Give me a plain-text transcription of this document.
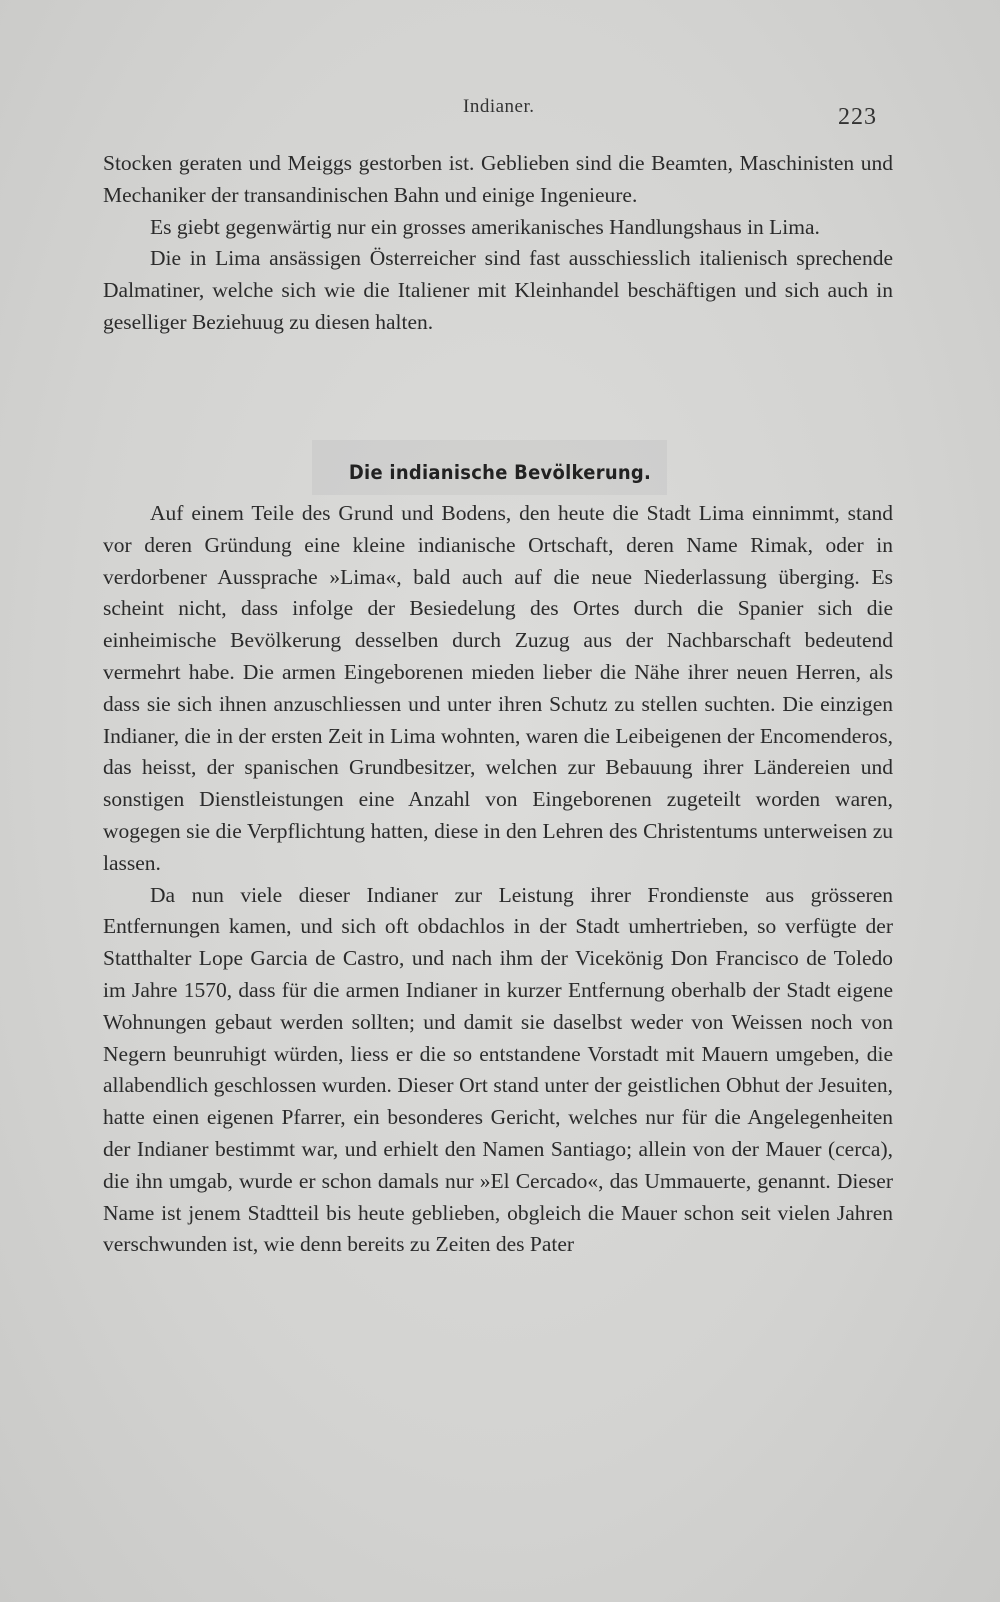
Indianer.	223

Stocken geraten und Meiggs gestorben ist. Geblieben sind die Beamten, Maschinisten und Mechaniker der transandinischen Bahn und einige Ingenieure.

Es giebt gegenwärtig nur ein grosses amerikanisches Handlungshaus in Lima.

Die in Lima ansässigen Österreicher sind fast ausschiesslich italienisch sprechende Dalmatiner, welche sich wie die Italiener mit Kleinhandel beschäftigen und sich auch in geselliger Beziehuug zu diesen halten.

Die indianische Bevölkerung.

Auf einem Teile des Grund und Bodens, den heute die Stadt Lima einnimmt, stand vor deren Gründung eine kleine indianische Ortschaft, deren Name Rimak, oder in verdorbener Aussprache »Lima«, bald auch auf die neue Niederlassung überging. Es scheint nicht, dass infolge der Besiedelung des Ortes durch die Spanier sich die einheimische Bevölkerung desselben durch Zuzug aus der Nachbarschaft bedeutend vermehrt habe. Die armen Eingeborenen mieden lieber die Nähe ihrer neuen Herren, als dass sie sich ihnen anzuschliessen und unter ihren Schutz zu stellen suchten. Die einzigen Indianer, die in der ersten Zeit in Lima wohnten, waren die Leibeigenen der Encomenderos, das heisst, der spanischen Grundbesitzer, welchen zur Bebauung ihrer Ländereien und sonstigen Dienstleistungen eine Anzahl von Eingeborenen zugeteilt worden waren, wogegen sie die Verpflichtung hatten, diese in den Lehren des Christentums unterweisen zu lassen.

Da nun viele dieser Indianer zur Leistung ihrer Frondienste aus grösseren Entfernungen kamen, und sich oft obdachlos in der Stadt umhertrieben, so verfügte der Statthalter Lope Garcia de Castro, und nach ihm der Vicekönig Don Francisco de Toledo im Jahre 1570, dass für die armen Indianer in kurzer Entfernung oberhalb der Stadt eigene Wohnungen gebaut werden sollten; und damit sie daselbst weder von Weissen noch von Negern beunruhigt würden, liess er die so entstandene Vorstadt mit Mauern umgeben, die allabendlich geschlossen wurden. Dieser Ort stand unter der geistlichen Obhut der Jesuiten, hatte einen eigenen Pfarrer, ein besonderes Gericht, welches nur für die Angelegenheiten der Indianer bestimmt war, und erhielt den Namen Santiago; allein von der Mauer (cerca), die ihn umgab, wurde er schon damals nur »El Cercado«, das Ummauerte, genannt. Dieser Name ist jenem Stadtteil bis heute geblieben, obgleich die Mauer schon seit vielen Jahren verschwunden ist, wie denn bereits zu Zeiten des Pater
